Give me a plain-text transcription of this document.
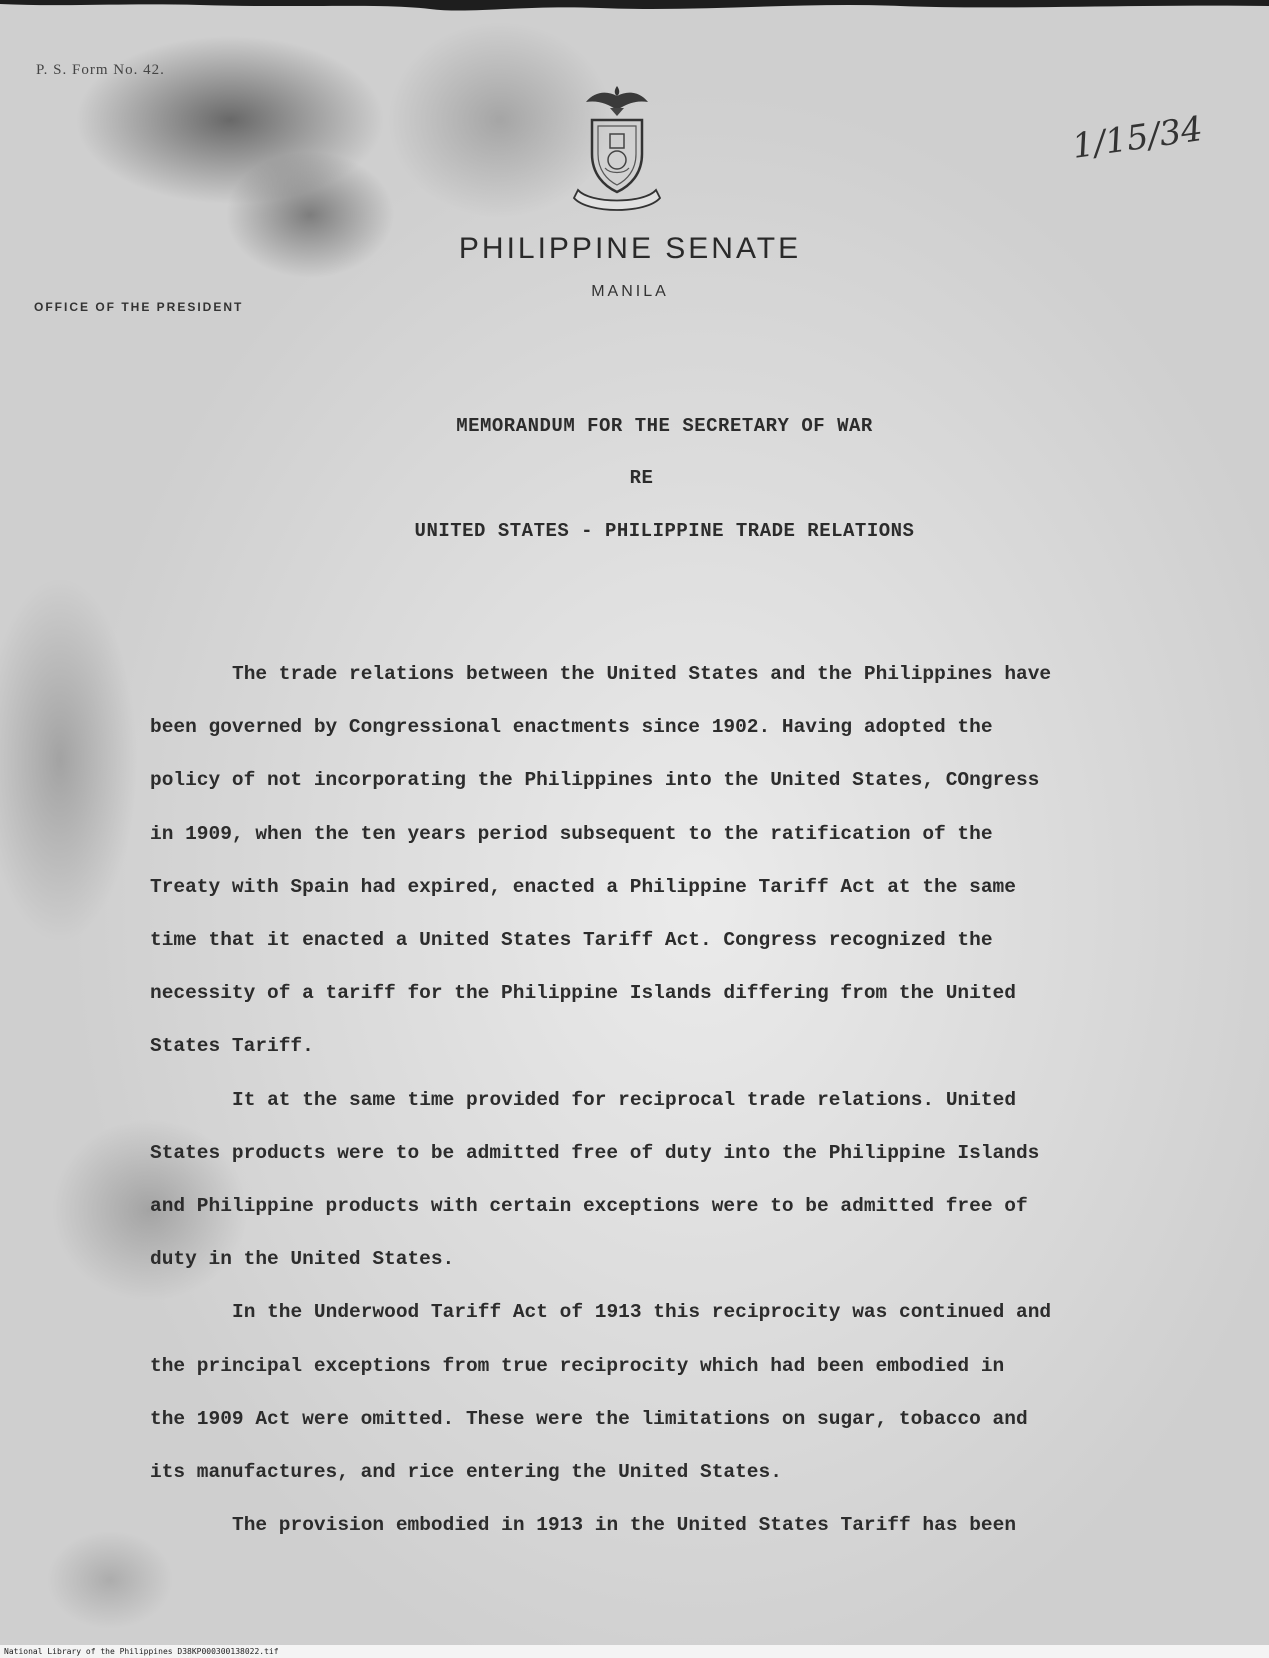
P. S. Form No. 42.
PHILIPPINE SENATE
MANILA
OFFICE OF THE PRESIDENT
1/15/34
MEMORANDUM FOR THE SECRETARY OF WAR
RE
UNITED STATES - PHILIPPINE TRADE RELATIONS

The trade relations between the United States and the Philippines have
been governed by Congressional enactments since 1902. Having adopted the
policy of not incorporating the Philippines into the United States, COngress
in 1909, when the ten years period subsequent to the ratification of the
Treaty with Spain had expired, enacted a Philippine Tariff Act at the same
time that it enacted a United States Tariff Act. Congress recognized the
necessity of a tariff for the Philippine Islands differing from the United
States Tariff.

It at the same time provided for reciprocal trade relations. United
States products were to be admitted free of duty into the Philippine Islands
and Philippine products with certain exceptions were to be admitted free of
duty in the United States.

In the Underwood Tariff Act of 1913 this reciprocity was continued and
the principal exceptions from true reciprocity which had been embodied in
the 1909 Act were omitted. These were the limitations on sugar, tobacco and
its manufactures, and rice entering the United States.

The provision embodied in 1913 in the United States Tariff has been

National Library of the Philippines D38KP000300138022.tif
